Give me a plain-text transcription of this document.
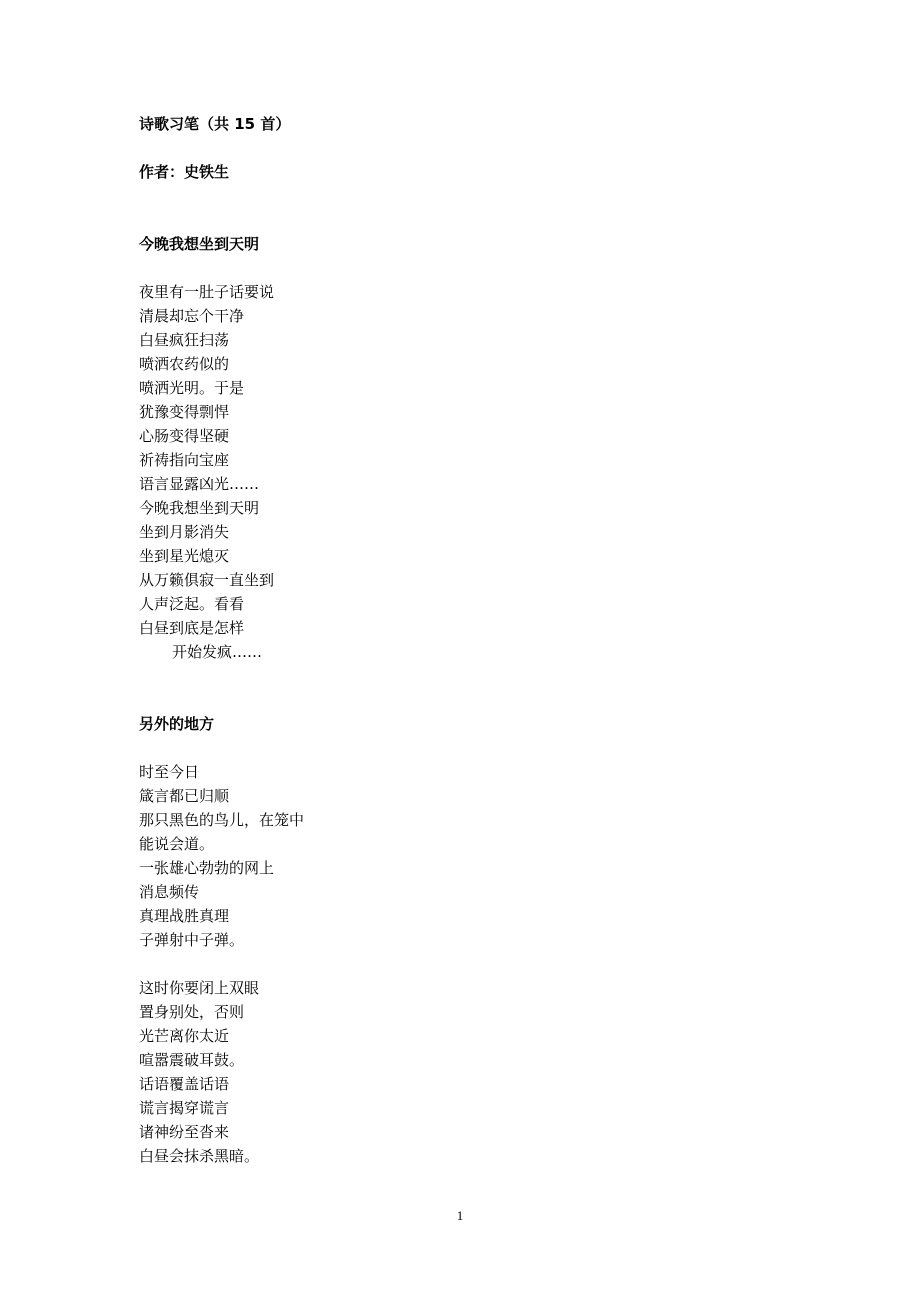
诗歌习笔（共 15 首）

作者：史铁生

今晚我想坐到天明
夜里有一肚子话要说
清晨却忘个干净
白昼疯狂扫荡
喷洒农药似的
喷洒光明。于是
犹豫变得剽悍
心肠变得坚硬
祈祷指向宝座
语言显露凶光……
今晚我想坐到天明
坐到月影消失
坐到星光熄灭
从万籁俱寂一直坐到
人声泛起。看看
白昼到底是怎样
开始发疯……
另外的地方
时至今日
箴言都已归顺
那只黑色的鸟儿，在笼中
能说会道。
一张雄心勃勃的网上
消息频传
真理战胜真理
子弹射中子弹。
这时你要闭上双眼
置身别处，否则
光芒离你太近
喧嚣震破耳鼓。
话语覆盖话语
谎言揭穿谎言
诸神纷至沓来
白昼会抹杀黑暗。
1
